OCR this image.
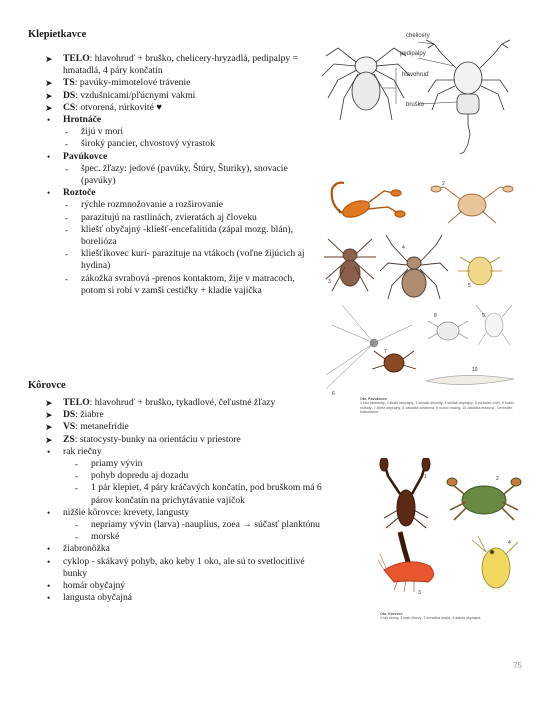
Klepietkavce
➤ TELO: hlavohruď + bruško, chelicery-hryzadlá, pedipalpy = hmatadlá, 4 páry končatín
➤ TS: pavúky-mimotelové trávenie
➤ DS: vzdušnicami/pľúcnymi vakmi
➤ CS: otvorená, rúrkovité ♥
• Hrotnáče
- žijú v mori
- široký pancier, chvostový výrastok
• Pavúkovce
- špec. žľazy: jedové (pavúky, Štúry, Šturiky), snovacie (pavúky)
• Roztoče
- rýchle rozmnožovanie a rozširovanie
- parazitujú na rastlinách, zvieratách aj človeku
- kliešť obyčajný -kliešť-encefalitída (zápal mozg. blán), borelióza
- kliešťikovec kurí- parazituje na vtákoch (voľne žijúcich aj hydina)
- zákožka svrabová -prenos kontaktom, žije v matracoch, potom si robí v zamši cestičky + kladie vajíčka
Kôrovce
➤ TELO: hlavohruď + bruško, tykadlové, čeľustné žľazy
➤ DS: žiabre
➤ VS: metanefrídie
➤ ZS: statocysty-bunky na orientáciu v priestore
• rak riečny
- priamy vývin
- pohyb dopredu aj dozadu
- 1 pár klepiet, 4 páry kráčavých končatín, pod bruškom má 6 párov končatín na prichytávanie vajíčok
• nižšie kôrovce: krevety, langusty
- nepriamy vývin (larva) -nauplius, zoea → súčasť planktónu
- morské
• žiabronôžka
• cyklop - skákavý pohyb, ako keby 1 oko, ale sú to svetlocitlivé bunky
• homár obyčajný
• langusta obyčajná
chelicery
pedipalpy
hlavohruď
bruško
1
2
3
4
5
6
7
8	9
10
Obr. Pavúkovce
1 štúr tarantský, 2 štúrik obyčajný, 3 slnivák škvrnitý, 4 križiak obyčajný, 5 roztočec včelí, 6 kosec rožkatý, 7 kliešť obyčajný, 8 zákožka svrabová, 9 roztoč múčny, 10 zákožka mazová - Demodex folliculorum
1	2
3
4
Obr. Kôrovce
1 rak riečny, 2 krab člnový, 3 krevetka lesklá, 4 dafnia obyčajná
75
